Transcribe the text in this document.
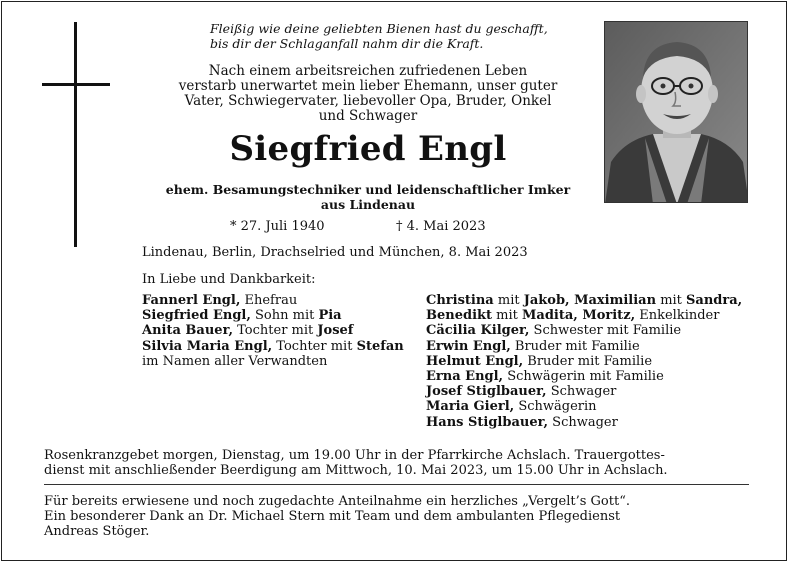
Fleißig wie deine geliebten Bienen hast du geschafft,
bis dir der Schlaganfall nahm dir die Kraft.
Nach einem arbeitsreichen zufriedenen Leben
verstarb unerwartet mein lieber Ehemann, unser guter
Vater, Schwiegervater, liebevoller Opa, Bruder, Onkel
und Schwager
Siegfried Engl
ehem. Besamungstechniker und leidenschaftlicher Imker
aus Lindenau
* 27. Juli 1940	† 4. Mai 2023
Lindenau, Berlin, Drachselried und München, 8. Mai 2023
In Liebe und Dankbarkeit:
Fannerl Engl, Ehefrau
Siegfried Engl, Sohn mit Pia
Anita Bauer, Tochter mit Josef
Silvia Maria Engl, Tochter mit Stefan
im Namen aller Verwandten
Christina mit Jakob, Maximilian mit Sandra,
Benedikt mit Madita, Moritz, Enkelkinder
Cäcilia Kilger, Schwester mit Familie
Erwin Engl, Bruder mit Familie
Helmut Engl, Bruder mit Familie
Erna Engl, Schwägerin mit Familie
Josef Stiglbauer, Schwager
Maria Gierl, Schwägerin
Hans Stiglbauer, Schwager
Rosenkranzgebet morgen, Dienstag, um 19.00 Uhr in der Pfarrkirche Achslach. Trauergottes-
dienst mit anschließender Beerdigung am Mittwoch, 10. Mai 2023, um 15.00 Uhr in Achslach.
Für bereits erwiesene und noch zugedachte Anteilnahme ein herzliches „Vergelt’s Gott“.
Ein besonderer Dank an Dr. Michael Stern mit Team und dem ambulanten Pflegedienst
Andreas Stöger.
